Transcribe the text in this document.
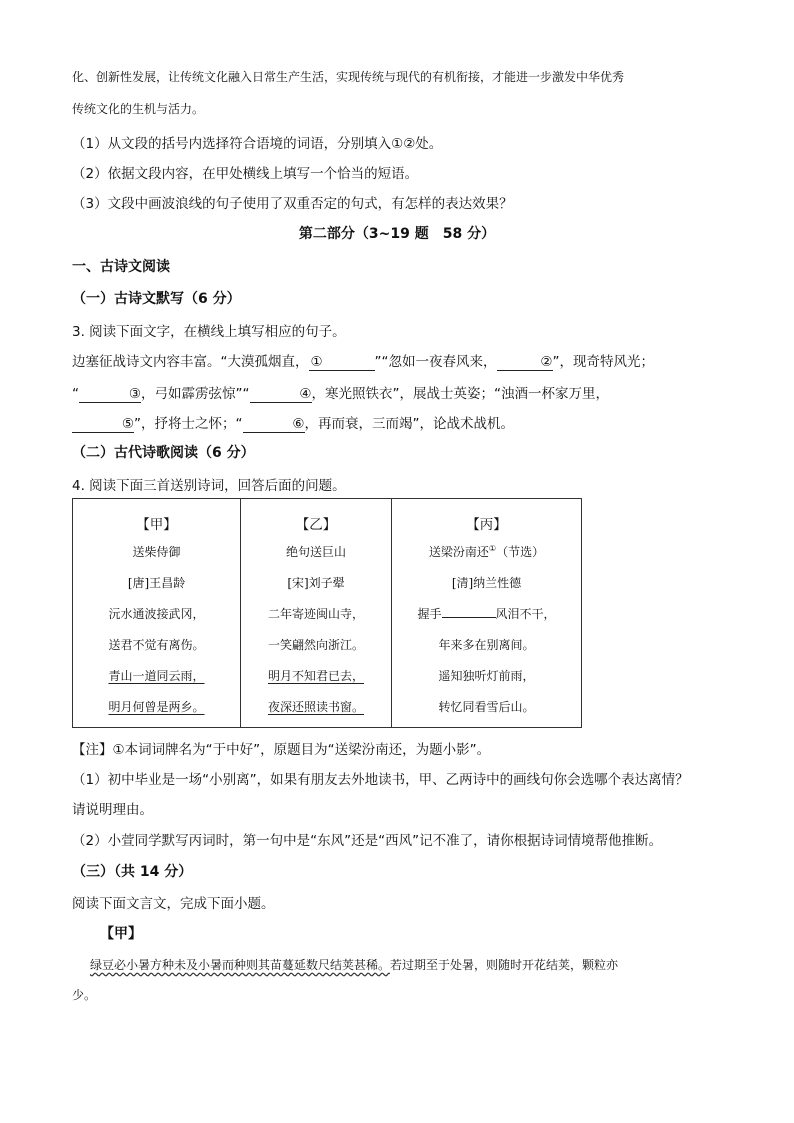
化、创新性发展，让传统文化融入日常生产生活，实现传统与现代的有机衔接，才能进一步激发中华优秀
传统文化的生机与活力。
（1）从文段的括号内选择符合语境的词语，分别填入①②处。
（2）依据文段内容，在甲处横线上填写一个恰当的短语。
（3）文段中画波浪线的句子使用了双重否定的句式，有怎样的表达效果？
第二部分（3~19 题　58 分）
一、古诗文阅读
（一）古诗文默写（6 分）
3. 阅读下面文字，在横线上填写相应的句子。
边塞征战诗文内容丰富。“大漠孤烟直， ①	”“忽如一夜春风来，	②”，现奇特风光；
“	③，弓如霹雳弦惊”“	④，寒光照铁衣”，展战士英姿；“浊酒一杯家万里，
⑤”，抒将士之怀；“	⑥，再而衰，三而竭”，论战术战机。
（二）古代诗歌阅读（6 分）
4. 阅读下面三首送别诗词，回答后面的问题。
【甲】
送柴侍御
[唐]王昌龄
沅水通波接武冈，
送君不觉有离伤。
青山一道同云雨，
明月何曾是两乡。

【乙】
绝句送巨山
[宋]刘子翚
二年寄迹闽山寺，
一笑翩然向浙江。
明月不知君已去，
夜深还照读书窗。

【丙】
送梁汾南还①（节选）
[清]纳兰性德
握手	风泪不干，
年来多在别离间。
遥知独听灯前雨，
转忆同看雪后山。
【注】①本词词牌名为“于中好”，原题目为“送梁汾南还，为题小影”。
（1）初中毕业是一场“小别离”，如果有朋友去外地读书，甲、乙两诗中的画线句你会选哪个表达离情？
请说明理由。
（2）小萱同学默写丙词时，第一句中是“东风”还是“西风”记不准了，请你根据诗词情境帮他推断。
（三）（共 14 分）
阅读下面文言文，完成下面小题。
【甲】
绿豆必小暑方种未及小暑而种则其苗蔓延数尺结荚甚稀。若过期至于处暑，则随时开花结荚，颗粒亦
少。
